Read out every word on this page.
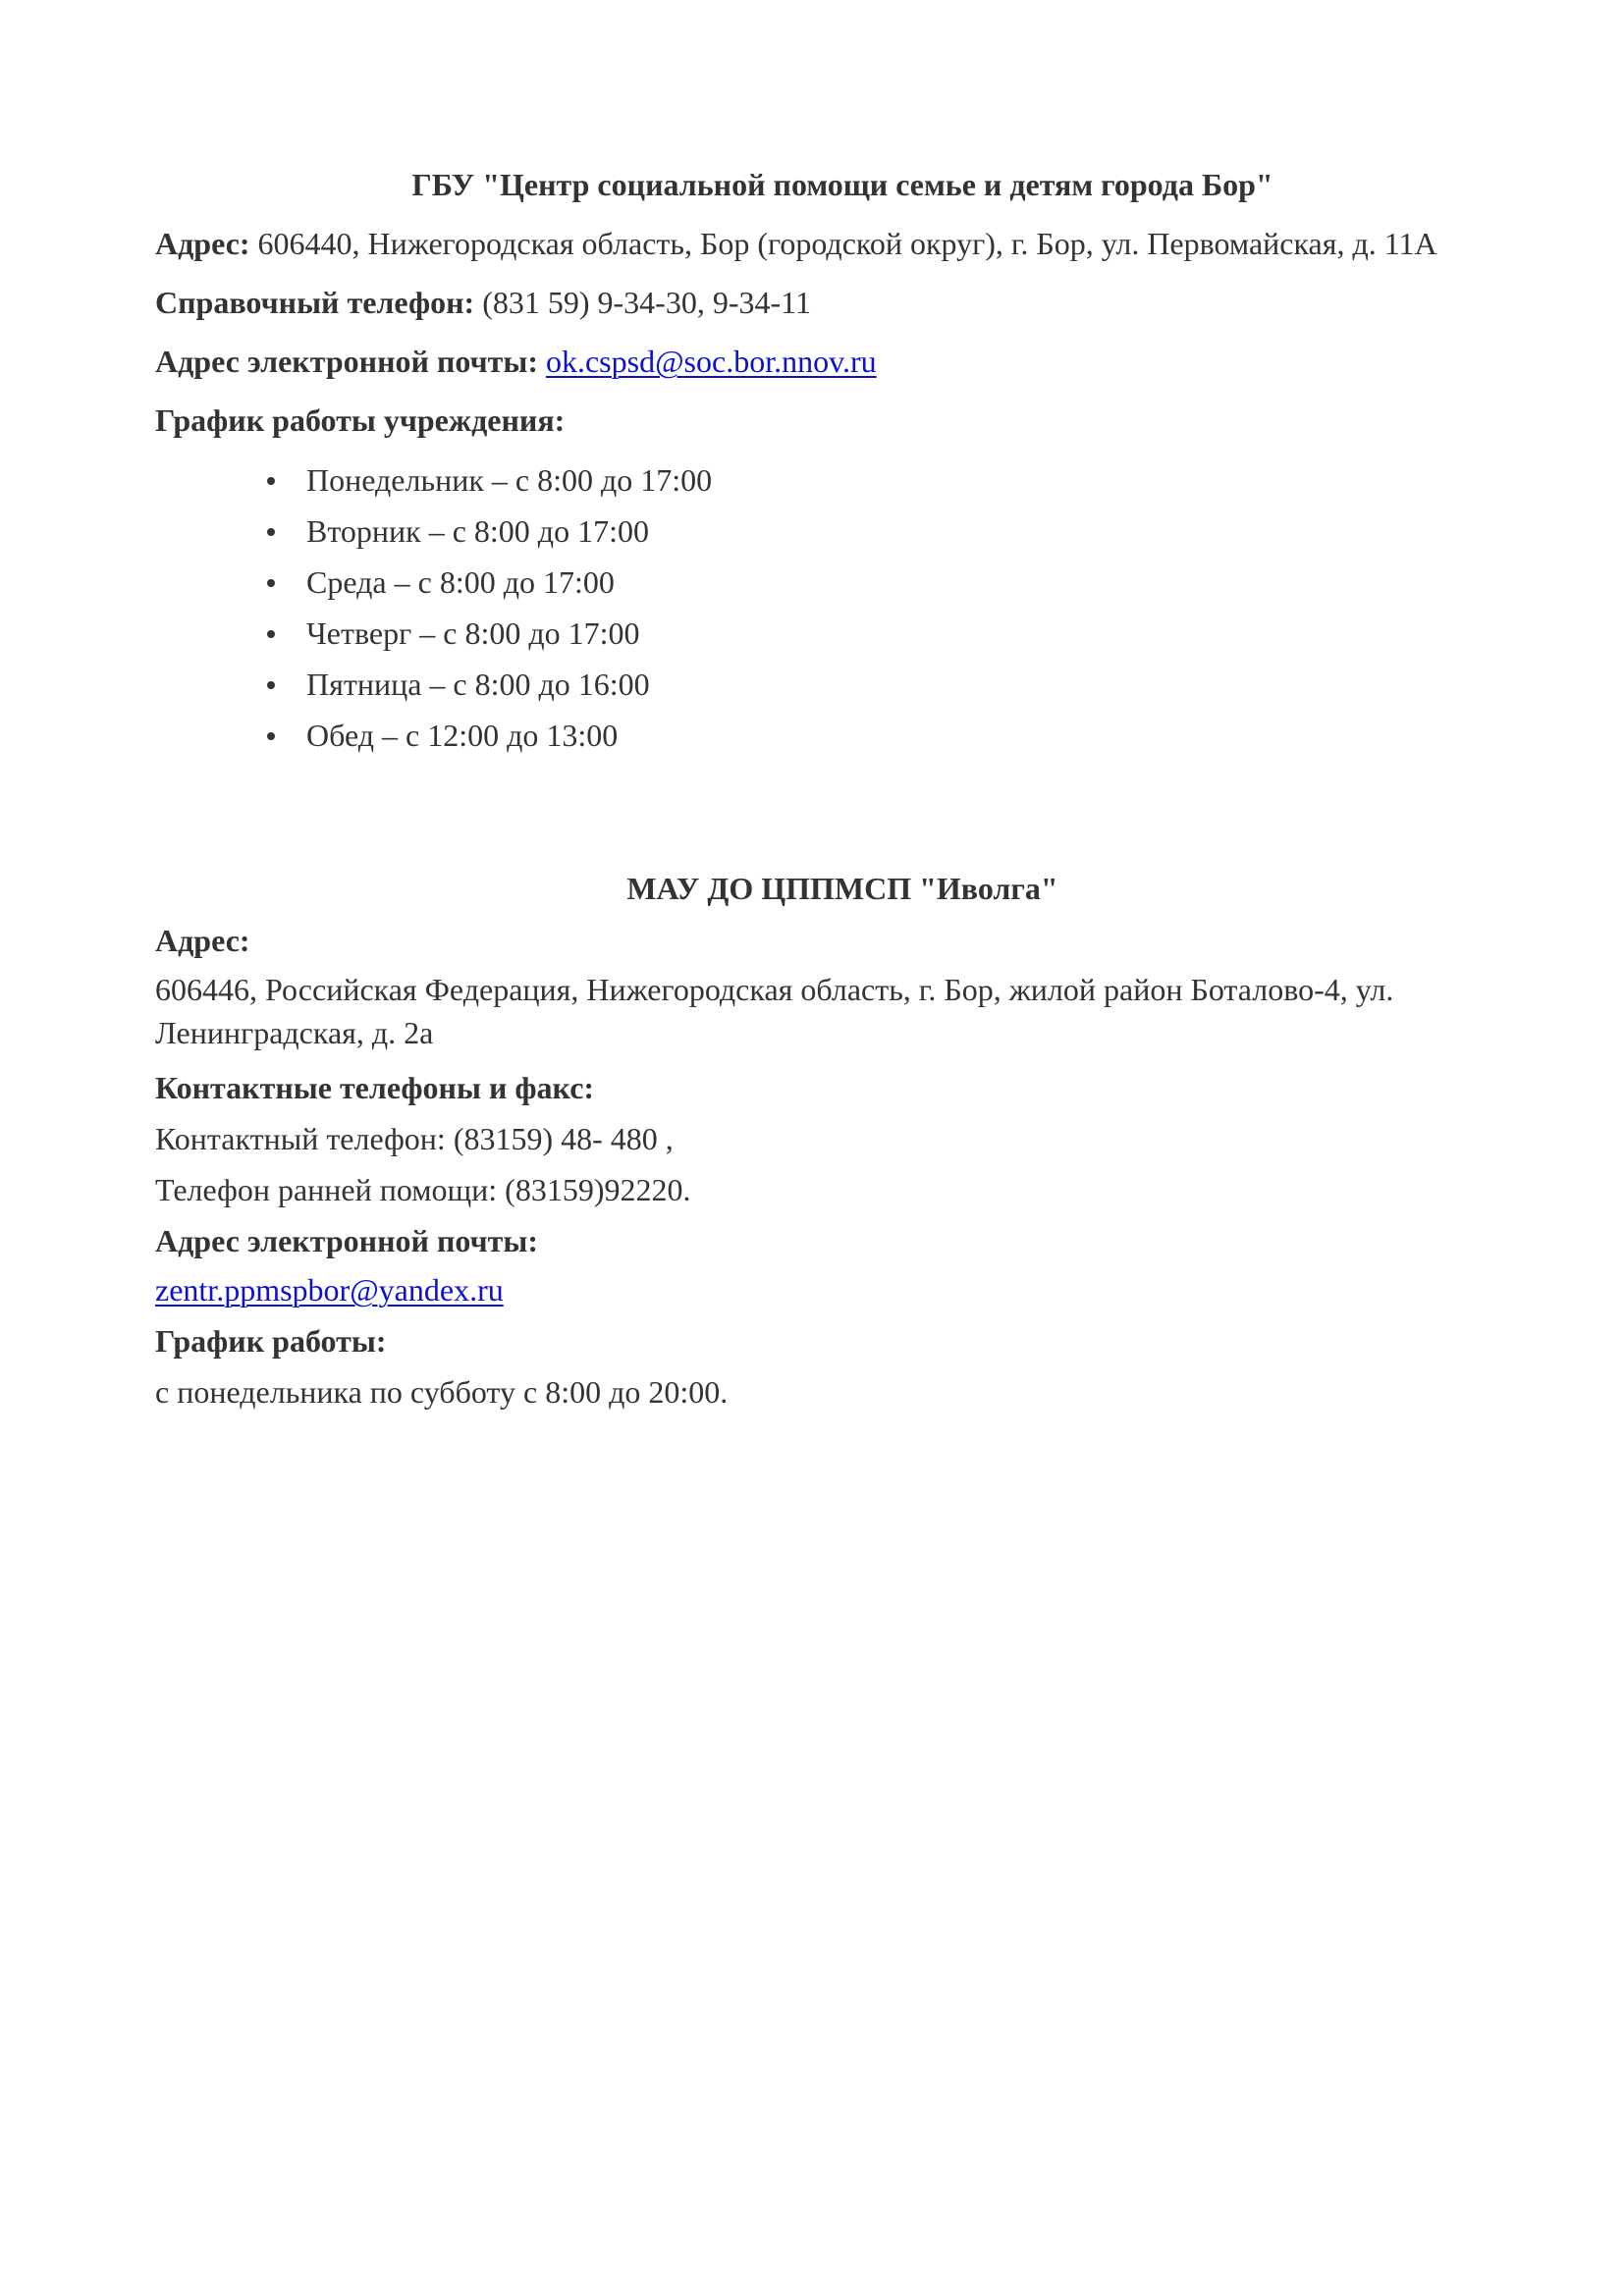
ГБУ "Центр социальной помощи семье и детям города Бор"
Адрес: 606440, Нижегородская область, Бор (городской округ), г. Бор, ул. Первомайская, д. 11А
Справочный телефон: (831 59) 9-34-30, 9-34-11
Адрес электронной почты: ok.cspsd@soc.bor.nnov.ru
График работы учреждения:
Понедельник – с 8:00 до 17:00
Вторник – с 8:00 до 17:00
Среда – с 8:00 до 17:00
Четверг – с 8:00 до 17:00
Пятница – с 8:00 до 16:00
Обед – с 12:00 до 13:00
МАУ ДО ЦППМСП "Иволга"
Адрес:
606446, Российская Федерация, Нижегородская область, г. Бор, жилой район Боталово-4, ул.
Ленинградская, д. 2а
Контактные телефоны и факс:
Контактный телефон: (83159) 48- 480 ,
Телефон ранней помощи: (83159)92220.
Адрес электронной почты:
zentr.ppmspbor@yandex.ru
График работы:
с понедельника по субботу с 8:00 до 20:00.
